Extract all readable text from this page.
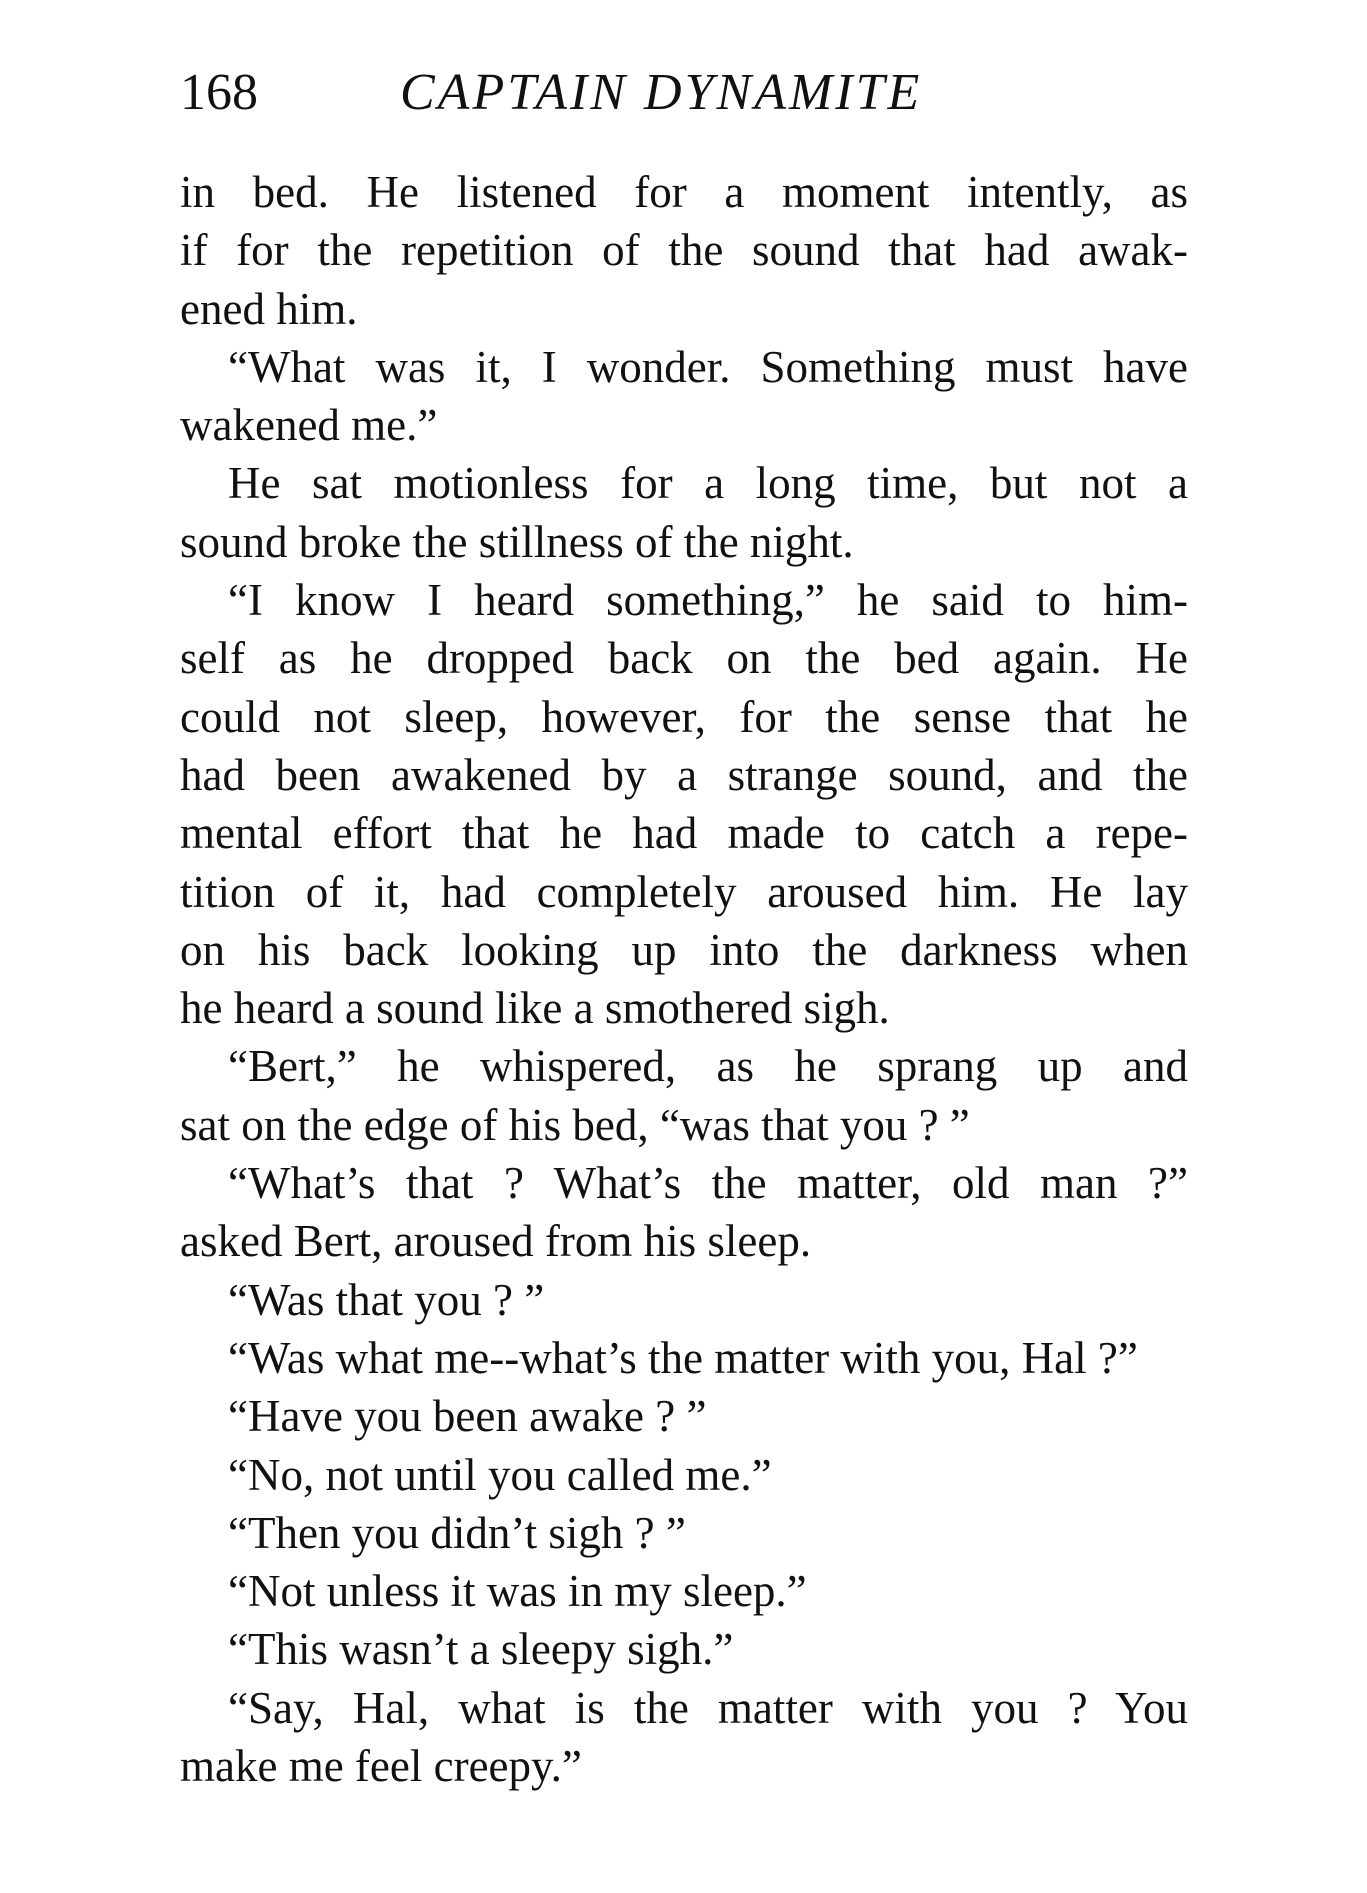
168	CAPTAIN DYNAMITE
in bed. He listened for a moment intently, as
if for the repetition of the sound that had awak-
ened him.
“What was it, I wonder. Something must have
wakened me.”
He sat motionless for a long time, but not a
sound broke the stillness of the night.
“I know I heard something,” he said to him-
self as he dropped back on the bed again. He
could not sleep, however, for the sense that he
had been awakened by a strange sound, and the
mental effort that he had made to catch a repe-
tition of it, had completely aroused him. He lay
on his back looking up into the darkness when
he heard a sound like a smothered sigh.
“Bert,” he whispered, as he sprang up and
sat on the edge of his bed, “was that you ? ”
“What’s that ? What’s the matter, old man ?”
asked Bert, aroused from his sleep.
“Was that you ? ”
“Was what me--what’s the matter with you, Hal ?”
“Have you been awake ? ”
“No, not until you called me.”
“Then you didn’t sigh ? ”
“Not unless it was in my sleep.”
“This wasn’t a sleepy sigh.”
“Say, Hal, what is the matter with you ? You
make me feel creepy.”
